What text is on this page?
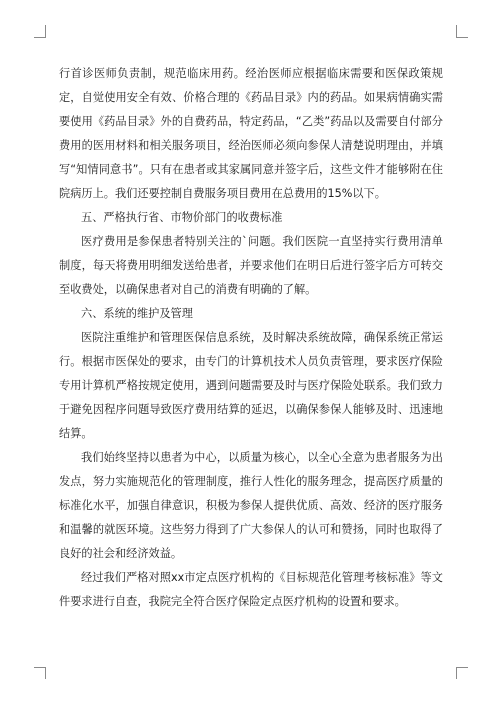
行首诊医师负责制，规范临床用药。经治医师应根据临床需要和医保政策规定，自觉使用安全有效、价格合理的《药品目录》内的药品。如果病情确实需要使用《药品目录》外的自费药品，特定药品，“乙类”药品以及需要自付部分费用的医用材料和相关服务项目，经治医师必须向参保人清楚说明理由，并填写“知情同意书”。只有在患者或其家属同意并签字后，这些文件才能够附在住院病历上。我们还要控制自费服务项目费用在总费用的15%以下。

五、严格执行省、市物价部门的收费标准

医疗费用是参保患者特别关注的`问题。我们医院一直坚持实行费用清单制度，每天将费用明细发送给患者，并要求他们在明日后进行签字后方可转交至收费处，以确保患者对自己的消费有明确的了解。

六、系统的维护及管理

医院注重维护和管理医保信息系统，及时解决系统故障，确保系统正常运行。根据市医保处的要求，由专门的计算机技术人员负责管理，要求医疗保险专用计算机严格按规定使用，遇到问题需要及时与医疗保险处联系。我们致力于避免因程序问题导致医疗费用结算的延迟，以确保参保人能够及时、迅速地结算。

我们始终坚持以患者为中心，以质量为核心，以全心全意为患者服务为出发点，努力实施规范化的管理制度，推行人性化的服务理念，提高医疗质量的标准化水平，加强自律意识，积极为参保人提供优质、高效、经济的医疗服务和温馨的就医环境。这些努力得到了广大参保人的认可和赞扬，同时也取得了良好的社会和经济效益。

经过我们严格对照xx市定点医疗机构的《目标规范化管理考核标准》等文件要求进行自查，我院完全符合医疗保险定点医疗机构的设置和要求。
